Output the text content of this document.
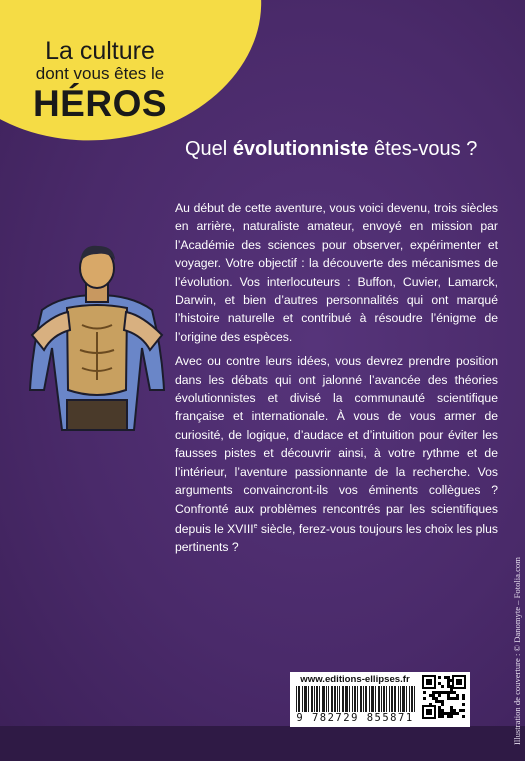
La culture
dont vous êtes le
HÉROS
Quel évolutionniste êtes-vous ?

Au début de cette aventure, vous voici devenu, trois siècles en arrière, naturaliste amateur, envoyé en mission par l’Académie des sciences pour observer, expérimenter et voyager. Votre objectif : la découverte des mécanismes de l’évolution. Vos interlocuteurs : Buffon, Cuvier, Lamarck, Darwin, et bien d’autres personnalités qui ont marqué l’histoire naturelle et contribué à résoudre l’énigme de l’origine des espèces.

Avec ou contre leurs idées, vous devrez prendre position dans les débats qui ont jalonné l’avancée des théories évolutionnistes et divisé la communauté scientifique française et internationale. À vous de vous armer de curiosité, de logique, d’audace et d’intuition pour éviter les fausses pistes et découvrir ainsi, à votre rythme et de l’intérieur, l’aventure passionnante de la recherche. Vos arguments convaincront-ils vos éminents collègues ? Confronté aux problèmes rencontrés par les scientifiques depuis le XVIIIe siècle, ferez-vous toujours les choix les plus pertinents ?

Illustration de couverture : © Danomyte – Fotolia.com
www.editions-ellipses.fr
9 782729 855871
